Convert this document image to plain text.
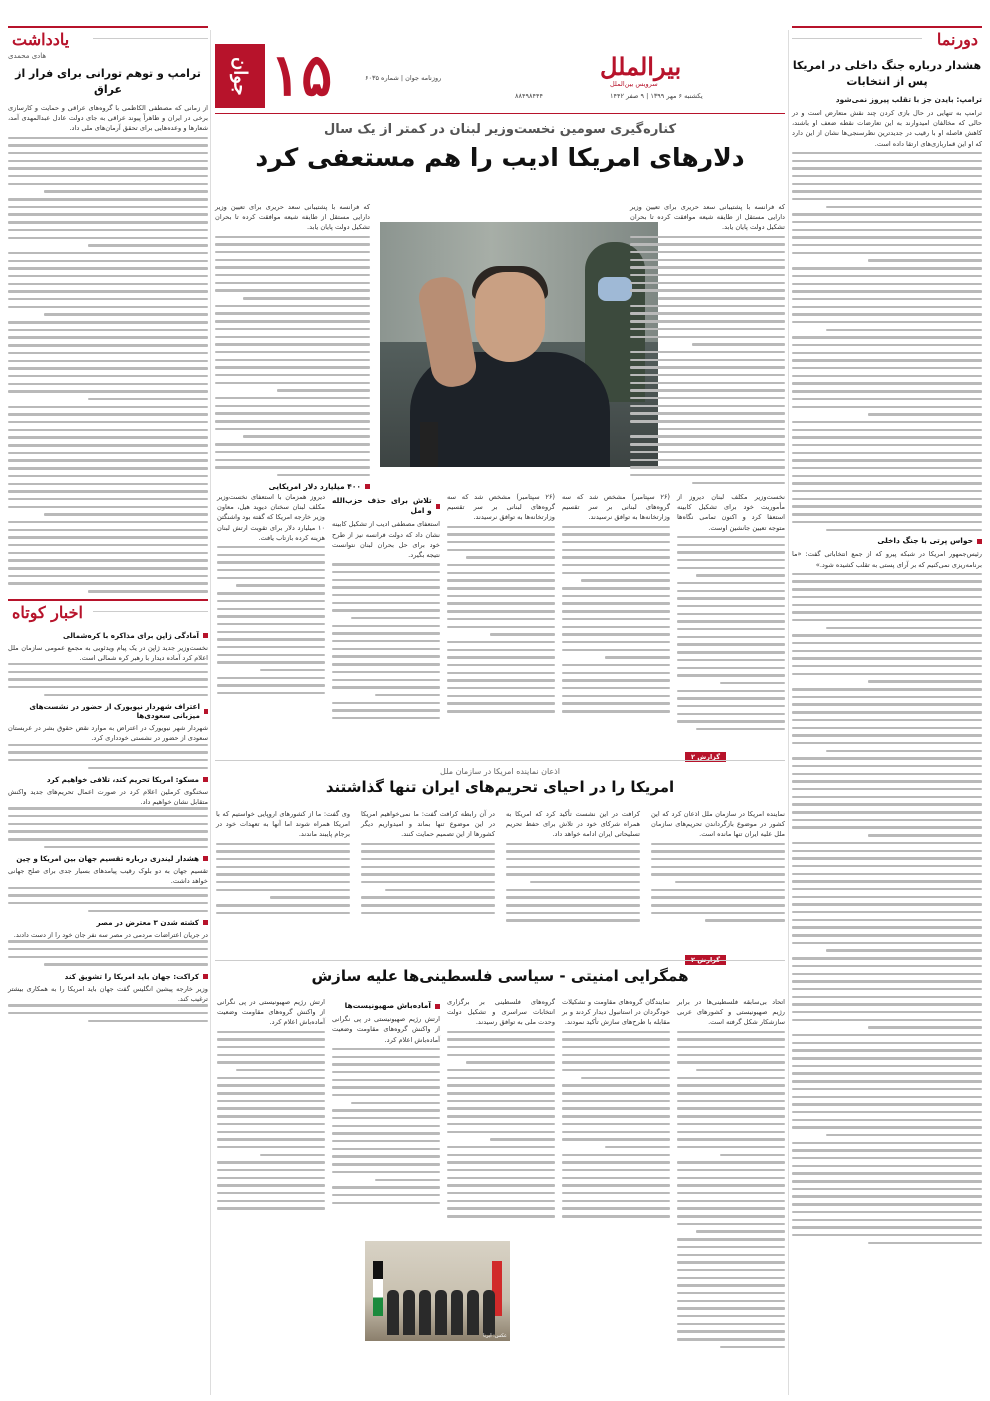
دورنما
هشدار درباره جنگ داخلی در امریکا پس از انتخابات
ترامپ: بایدن جز با تقلب پیروز نمی‌شود

ترامپ به تنهایی در حال بازی کردن چند نقش متعارض است و در حالی که مخالفان امیدوارند به این تعارضات نقطه ضعف او باشند، کاهش فاصله او با رقیب در جدیدترین نظرسنجی‌ها نشان از این دارد که او این قماربازی‌های ارتقا داده است.

حواس پرتی با جنگ داخلی

رئیس‌جمهور امریکا در شبکه پیرو که از جمع انتخاباتی گفت: «ما برنامه‌ریزی نمی‌کنیم که بر آرای پستی به تقلب کشیده شود.»

یادداشت
هادی محمدی
ترامپ و توهم تورانی برای فرار از عراق

از زمانی که مصطفی الکاظمی با گروه‌های عراقی و حمایت و کارسازی برخی در ایران و ظاهراً پیوند عراقی به جای دولت عادل عبدالمهدی آمد، شعارها و وعده‌هایی برای تحقق آرمان‌های ملی داد.

اخبار کوتاه
آمادگی ژاپن برای مذاکره با کره‌شمالی
نخست‌وزیر جدید ژاپن در یک پیام ویدئویی به مجمع عمومی سازمان ملل اعلام کرد آماده دیدار با رهبر کره شمالی است.
اعتراف شهردار نیویورک از حضور در نشست‌های میزبانی سعودی‌ها
شهردار شهر نیویورک در اعتراض به موارد نقض حقوق بشر در عربستان سعودی از حضور در نشستی خودداری کرد.
مسکو: امریکا تحریم کند، تلافی خواهیم کرد
سخنگوی کرملین اعلام کرد در صورت اعمال تحریم‌های جدید واکنش متقابل نشان خواهیم داد.
هشدار لیندزی درباره تقسیم جهان بین امریکا و چین
تقسیم جهان به دو بلوک رقیب پیامدهای بسیار جدی برای صلح جهانی خواهد داشت.
کشته شدن ۳ معترض در مصر
در جریان اعتراضات مردمی در مصر سه نفر جان خود را از دست دادند.
کراکت: جهان باید امریکا را تشویق کند
وزیر خارجه پیشین انگلیس گفت جهان باید امریکا را به همکاری بیشتر ترغیب کند.
جوان ۱۵	روزنامه جوان | شماره ۶۰۳۵	بیرالملل
سرویس بین‌الملل
۸۸۴۹۸۴۴۴	یکشنبه ۶ مهر ۱۳۹۹ | ۹ صفر ۱۴۴۲
کناره‌گیری سومین نخست‌وزیر لبنان در کمتر از یک سال
دلارهای امریکا ادیب را هم مستعفی کرد

که فرانسه با پشتیبانی سعد حریری برای تعیین وزیر دارایی مستقل از طایفه شیعه موافقت کرده تا بحران تشکیل دولت پایان یابد.

که فرانسه با پشتیبانی سعد حریری برای تعیین وزیر دارایی مستقل از طایفه شیعه موافقت کرده تا بحران تشکیل دولت پایان یابد.

۴۰۰ میلیارد دلار امریکایی

نخست‌وزیر مکلف لبنان دیروز از مأموریت خود برای تشکیل کابینه استعفا کرد و اکنون تمامی نگاه‌ها متوجه تعیین جانشین اوست.

(۲۶ سپتامبر) مشخص شد که سه گروه‌های لبنانی بر سر تقسیم وزارتخانه‌ها به توافق نرسیدند.

(۲۶ سپتامبر) مشخص شد که سه گروه‌های لبنانی بر سر تقسیم وزارتخانه‌ها به توافق نرسیدند.

تلاش برای حذف حزب‌الله و امل

استعفای مصطفی ادیب از تشکیل کابینه نشان داد که دولت فرانسه نیز از طرح خود برای حل بحران لبنان نتوانست نتیجه بگیرد.

دیروز همزمان با استعفای نخست‌وزیر مکلف لبنان سخنان دیوید هیل، معاون وزیر خارجه امریکا که گفته بود واشنگتن ۱۰ میلیارد دلار برای تقویت ارتش لبنان هزینه کرده بازتاب یافت.

گزارش ۲
اذعان نماینده امریکا در سازمان ملل
امریکا را در احیای تحریم‌های ایران تنها گذاشتند

نماینده امریکا در سازمان ملل اذعان کرد که این کشور در موضوع بازگرداندن تحریم‌های سازمان ملل علیه ایران تنها مانده است.

کرافت در این نشست تأکید کرد که امریکا به همراه شرکای خود در تلاش برای حفظ تحریم تسلیحاتی ایران ادامه خواهد داد.

در آن رابطه کرافت گفت: ما نمی‌خواهیم امریکا در این موضوع تنها بماند و امیدواریم دیگر کشورها از این تصمیم حمایت کنند.

وی گفت: ما از کشورهای اروپایی خواستیم که با امریکا همراه شوند اما آنها به تعهدات خود در برجام پایبند ماندند.

گزارش ۲
همگرایی امنیتی - سیاسی فلسطینی‌ها علیه سازش

اتحاد بی‌سابقه فلسطینی‌ها در برابر رژیم صهیونیستی و کشورهای عربی سازشکار شکل گرفته است.

نمایندگان گروه‌های مقاومت و تشکیلات خودگردان در استانبول دیدار کردند و بر مقابله با طرح‌های سازش تأکید نمودند.

گروه‌های فلسطینی بر برگزاری انتخابات سراسری و تشکیل دولت وحدت ملی به توافق رسیدند.

آماده‌باش صهیونیست‌ها

ارتش رژیم صهیونیستی در پی نگرانی از واکنش گروه‌های مقاومت وضعیت آماده‌باش اعلام کرد.

ارتش رژیم صهیونیستی در پی نگرانی از واکنش گروه‌های مقاومت وضعیت آماده‌باش اعلام کرد.

عکس: ایرنا
